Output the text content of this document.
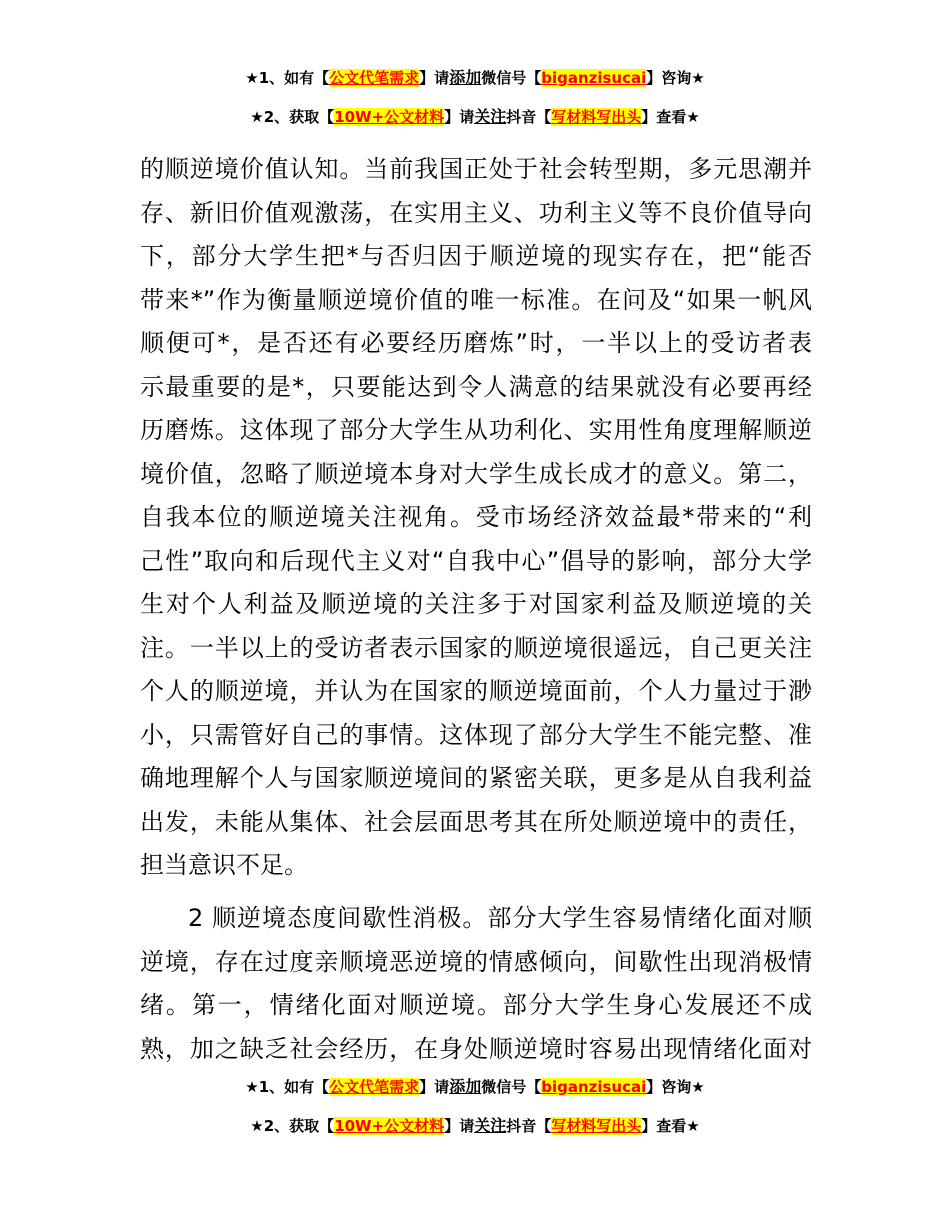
★1、如有【公文代笔需求】请添加微信号【biganzisucai】咨询★
★2、获取【10W+公文材料】请关注抖音【写材料写出头】查看★
的顺逆境价值认知。当前我国正处于社会转型期，多元思潮并
存、新旧价值观激荡，在实用主义、功利主义等不良价值导向
下，部分大学生把*与否归因于顺逆境的现实存在，把“能否
带来*”作为衡量顺逆境价值的唯一标准。在问及“如果一帆风
顺便可*，是否还有必要经历磨炼”时，一半以上的受访者表
示最重要的是*，只要能达到令人满意的结果就没有必要再经
历磨炼。这体现了部分大学生从功利化、实用性角度理解顺逆
境价值，忽略了顺逆境本身对大学生成长成才的意义。第二，
自我本位的顺逆境关注视角。受市场经济效益最*带来的“利
己性”取向和后现代主义对“自我中心”倡导的影响，部分大学
生对个人利益及顺逆境的关注多于对国家利益及顺逆境的关
注。一半以上的受访者表示国家的顺逆境很遥远，自己更关注
个人的顺逆境，并认为在国家的顺逆境面前，个人力量过于渺
小，只需管好自己的事情。这体现了部分大学生不能完整、准
确地理解个人与国家顺逆境间的紧密关联，更多是从自我利益
出发，未能从集体、社会层面思考其在所处顺逆境中的责任，
担当意识不足。
2 顺逆境态度间歇性消极。部分大学生容易情绪化面对顺
逆境，存在过度亲顺境恶逆境的情感倾向，间歇性出现消极情
绪。第一，情绪化面对顺逆境。部分大学生身心发展还不成
熟，加之缺乏社会经历，在身处顺逆境时容易出现情绪化面对
★1、如有【公文代笔需求】请添加微信号【biganzisucai】咨询★
★2、获取【10W+公文材料】请关注抖音【写材料写出头】查看★
